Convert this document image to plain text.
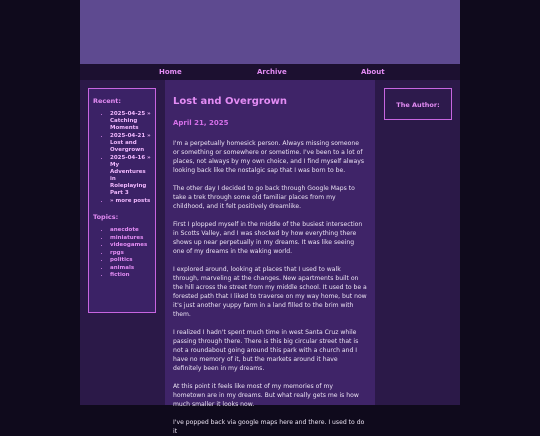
Home	Archive	About
Recent:
• 2025-04-25 » Catching Moments
• 2025-04-21 » Lost and Overgrown
• 2025-04-16 » My Adventures in Roleplaying Part 3
• » more posts
Topics:
• anecdote
• miniatures
• videogames
• rpgs
• politics
• animals
• fiction
Lost and Overgrown
April 21, 2025

I'm a perpetually homesick person. Always missing someone or something or somewhere or sometime. I've been to a lot of places, not always by my own choice, and I find myself always looking back like the nostalgic sap that I was born to be.

The other day I decided to go back through Google Maps to take a trek through some old familiar places from my childhood, and it felt positively dreamlike.

First I plopped myself in the middle of the busiest intersection in Scotts Valley, and I was shocked by how everything there shows up near perpetually in my dreams. It was like seeing one of my dreams in the waking world.

I explored around, looking at places that I used to walk through, marveling at the changes. New apartments built on the hill across the street from my middle school. It used to be a forested path that I liked to traverse on my way home, but now it's just another yuppy farm in a land filled to the brim with them.

I realized I hadn't spent much time in west Santa Cruz while passing through there. There is this big circular street that is not a roundabout going around this park with a church and I have no memory of it, but the markets around it have definitely been in my dreams.

At this point it feels like most of my memories of my hometown are in my dreams. But what really gets me is how much smaller it looks now.

I've popped back via google maps here and there. I used to do it

The Author:
